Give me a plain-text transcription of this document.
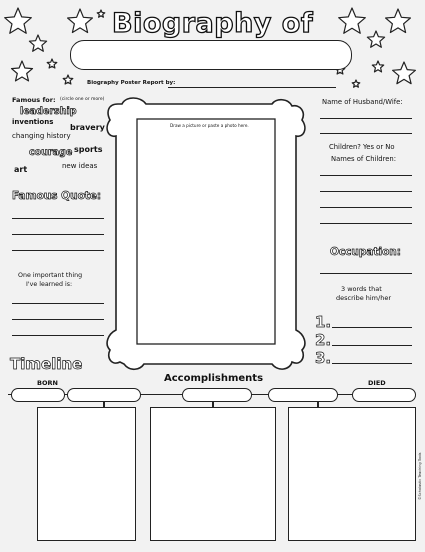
Biography of
Biography Poster Report by:
Famous for: (circle one or more)
leadership
inventions
bravery
changing history
courage sports
art	new ideas
Famous Quote:
One important thing
I've learned is:
Draw a picture or paste a photo here.
Name of Husband/Wife:
Children? Yes or No
Names of Children:
Occupation:
3 words that
describe him/her
1.
2.
3.
Timeline
BORN	Accomplishments	DIED
©Scholastic Teaching Tools
